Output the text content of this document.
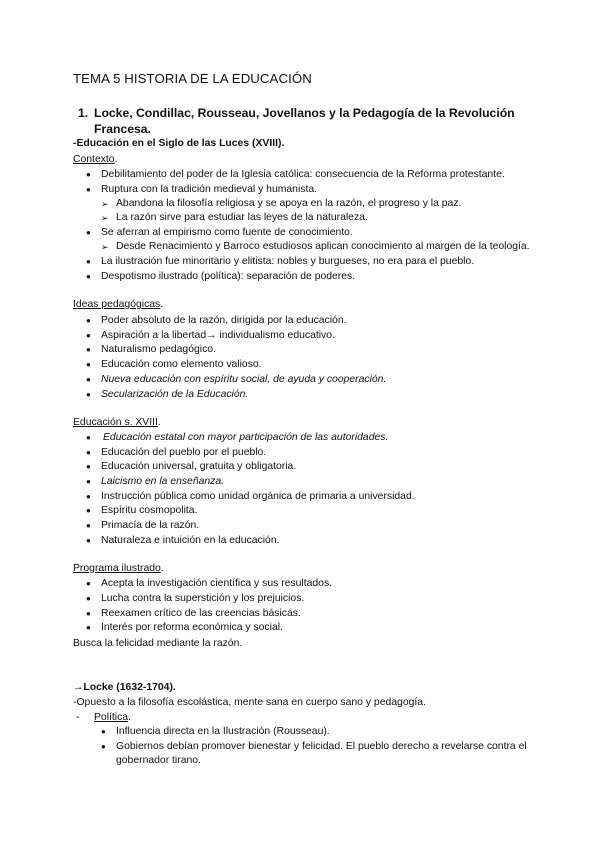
TEMA 5 HISTORIA DE LA EDUCACIÓN
1. Locke, Condillac, Rousseau, Jovellanos y la Pedagogía de la Revolución
Francesa.
-Educación en el Siglo de las Luces (XVIII).
Contexto.
● Debilitamiento del poder de la Iglesia católica: consecuencia de la Reforma protestante.
● Ruptura con la tradición medieval y humanista.
➢ Abandona la filosofía religiosa y se apoya en la razón, el progreso y la paz.
➢ La razón sirve para estudiar las leyes de la naturaleza.
● Se aferran al empirismo como fuente de conocimiento.
➢ Desde Renacimiento y Barroco estudiosos aplican conocimiento al margen de la teología.
● La ilustración fue minoritario y elitista: nobles y burgueses, no era para el pueblo.
● Despotismo ilustrado (política): separación de poderes.
Ideas pedagógicas.
● Poder absoluto de la razón, dirigida por la educación.
● Aspiración a la libertad→ individualismo educativo.
● Naturalismo pedagógico.
● Educación como elemento valioso.
● Nueva educación con espíritu social, de ayuda y cooperación.
● Secularización de la Educación.
Educación s. XVIII.
● Educación estatal con mayor participación de las autoridades.
● Educación del pueblo por el pueblo.
● Educación universal, gratuita y obligatoria.
● Laicismo en la enseñanza.
● Instrucción pública como unidad orgánica de primaria a universidad.
● Espíritu cosmopolita.
● Primacía de la razón.
● Naturaleza e intuición en la educación.
Programa ilustrado.
● Acepta la investigación científica y sus resultados.
● Lucha contra la superstición y los prejuicios.
● Reexamen crítico de las creencias básicas.
● Interés por reforma económica y social.
Busca la felicidad mediante la razón.
→Locke (1632-1704).
-Opuesto a la filosofía escolástica, mente sana en cuerpo sano y pedagogía.
- Política.
● Influencia directa en la Ilustración (Rousseau).
● Gobiernos debían promover bienestar y felicidad. El pueblo derecho a revelarse contra el
gobernador tirano.
